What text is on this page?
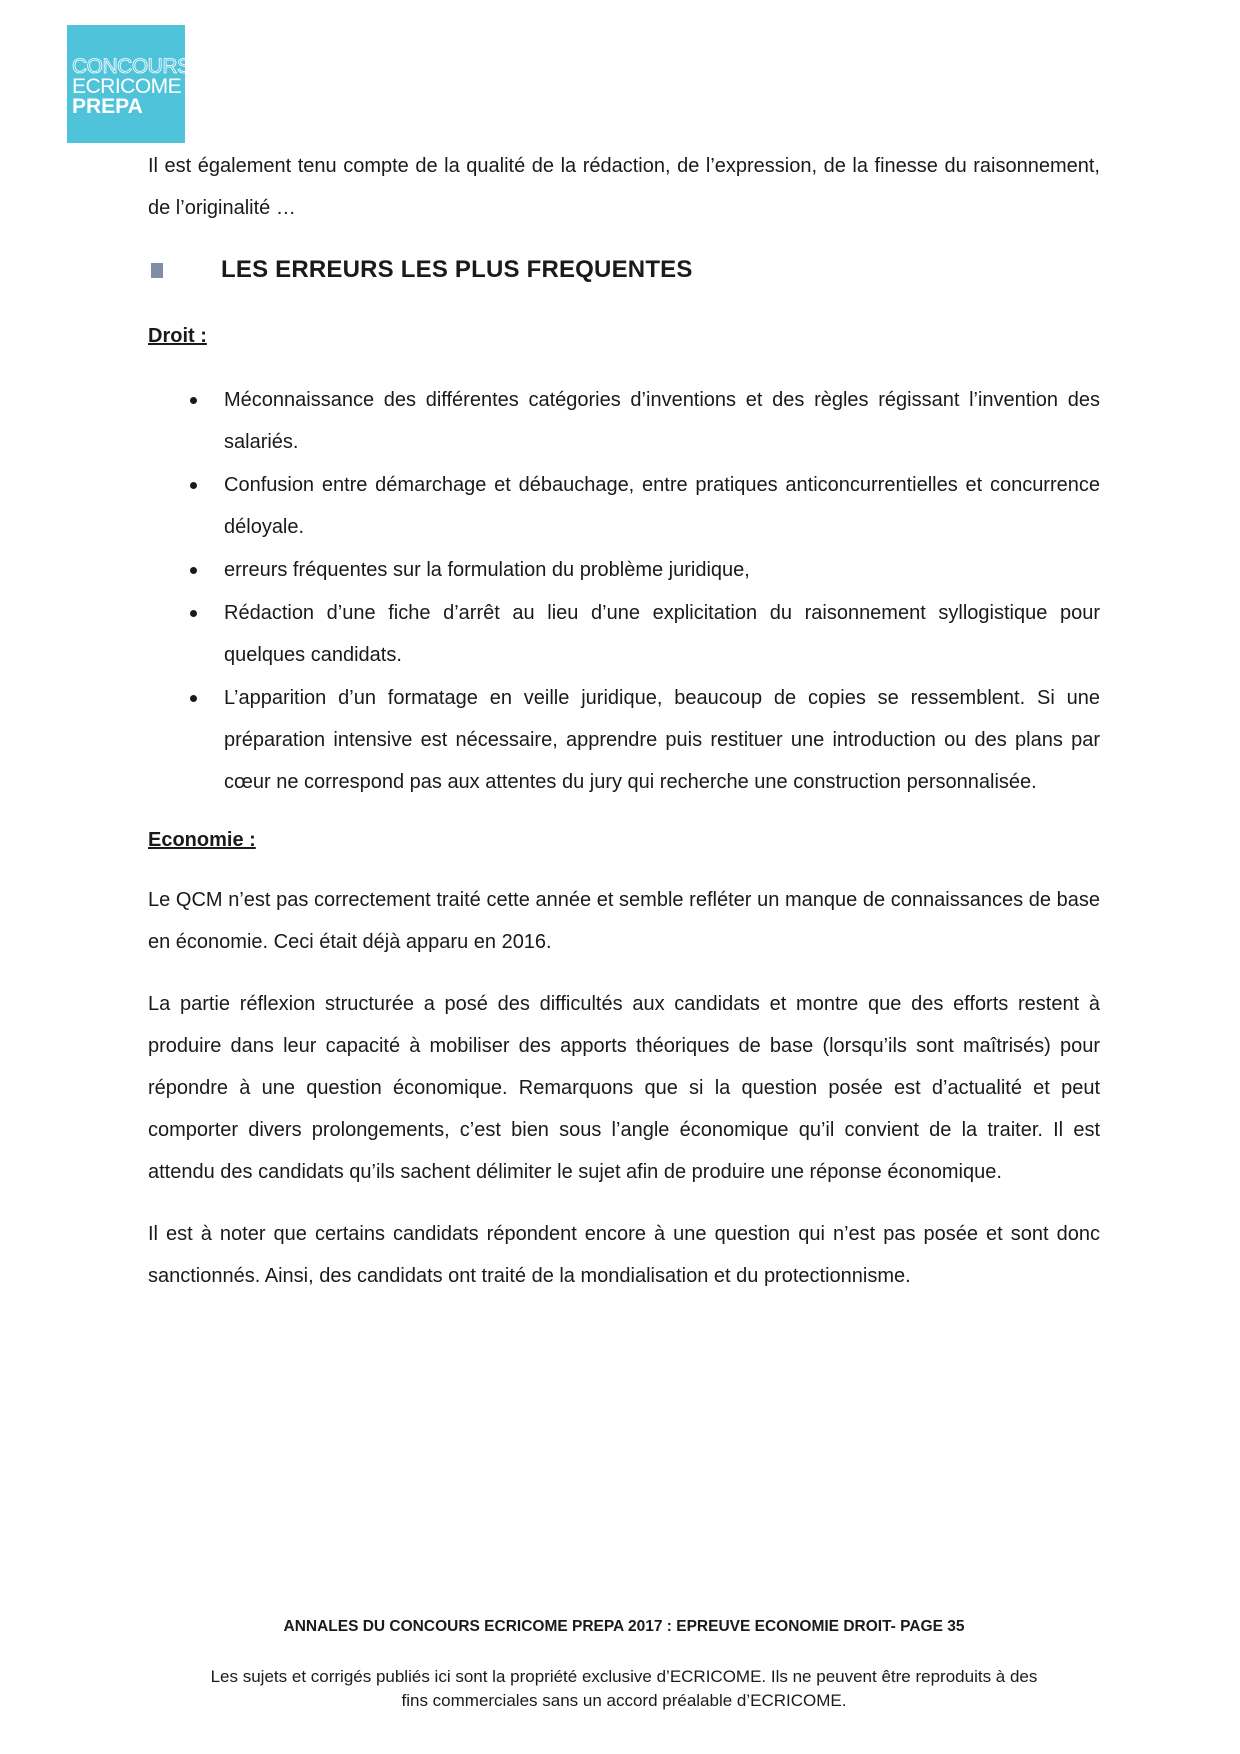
CONCOURS
ECRICOME
PREPA

Il est également tenu compte de la qualité de la rédaction, de l’expression, de la finesse du raisonnement, de l’originalité …

LES ERREURS LES PLUS FREQUENTES
Droit :
Méconnaissance des différentes catégories d’inventions et des règles régissant l’invention des salariés.
Confusion entre démarchage et débauchage, entre pratiques anticoncurrentielles et concurrence déloyale.
erreurs fréquentes sur la formulation du problème juridique,
Rédaction d’une fiche d’arrêt au lieu d’une explicitation du raisonnement syllogistique pour quelques candidats.
L’apparition d’un formatage en veille juridique, beaucoup de copies se ressemblent. Si une préparation intensive est nécessaire, apprendre puis restituer une introduction ou des plans par cœur ne correspond pas aux attentes du jury qui recherche une construction personnalisée.
Economie :

Le QCM n’est pas correctement traité cette année et semble refléter un manque de connaissances de base en économie. Ceci était déjà apparu en 2016.

La partie réflexion structurée a posé des difficultés aux candidats et montre que des efforts restent à produire dans leur capacité à mobiliser des apports théoriques de base (lorsqu’ils sont maîtrisés) pour répondre à une question économique. Remarquons que si la question posée est d’actualité et peut comporter divers prolongements, c’est bien sous l’angle économique qu’il convient de la traiter. Il est attendu des candidats qu’ils sachent délimiter le sujet afin de produire une réponse économique.

Il est à noter que certains candidats répondent encore à une question qui n’est pas posée et sont donc sanctionnés. Ainsi, des candidats ont traité de la mondialisation et du protectionnisme.

ANNALES DU CONCOURS ECRICOME PREPA 2017 : EPREUVE ECONOMIE DROIT- PAGE 35
Les sujets et corrigés publiés ici sont la propriété exclusive d’ECRICOME. Ils ne peuvent être reproduits à des
fins commerciales sans un accord préalable d’ECRICOME.
